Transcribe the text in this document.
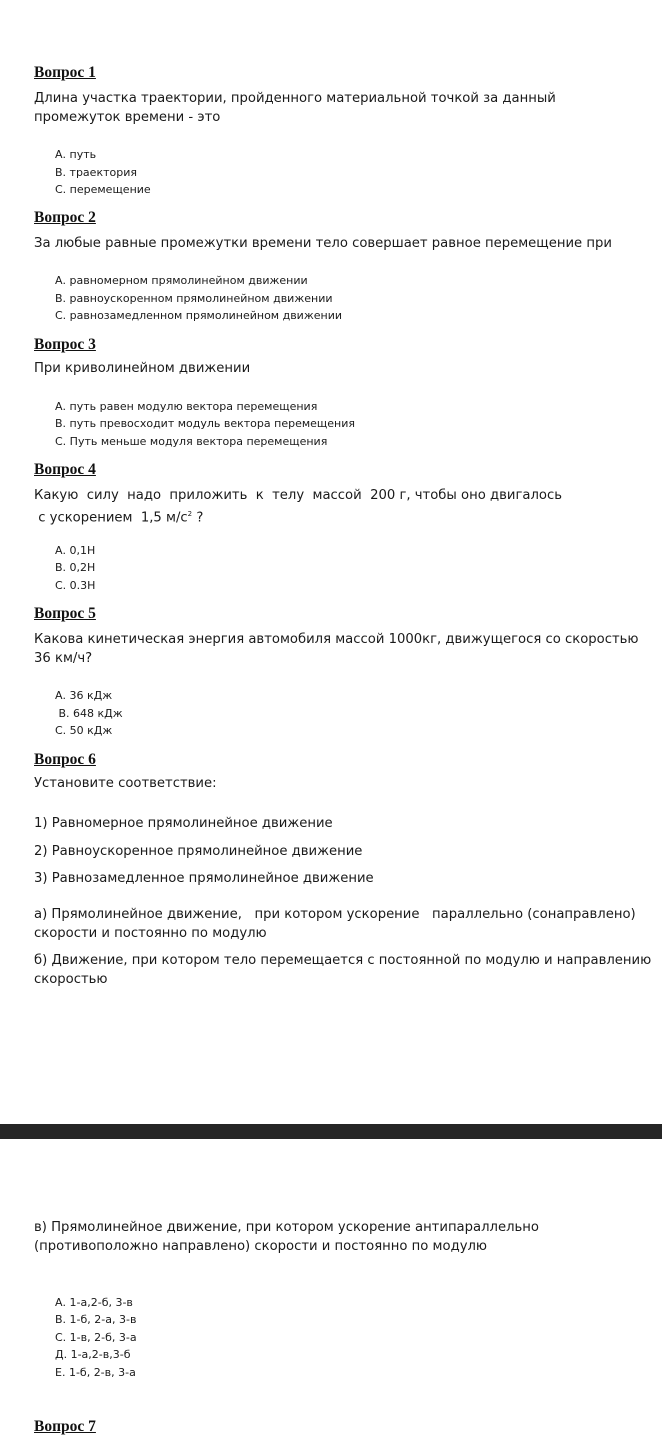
Вопрос 1
Длина участка траектории, пройденного материальной точкой за данный промежуток времени - это
А. путь
В. траектория
С. перемещение
Вопрос 2
За любые равные промежутки времени тело совершает равное перемещение при
А. равномерном прямолинейном движении
В. равноускоренном прямолинейном движении
С. равнозамедленном прямолинейном движении
Вопрос 3
При криволинейном движении
А. путь равен модулю вектора перемещения
В. путь превосходит модуль вектора перемещения
С. Путь меньше модуля вектора перемещения
Вопрос 4
Какую  силу  надо  приложить  к  телу  массой  200 г, чтобы оно двигалось
с ускорением  1,5 $м/с^2$ ?
А. 0,1Н
В. 0,2Н
С. 0.3Н
Вопрос 5
Какова кинетическая энергия автомобиля массой 1000кг, движущегося со скоростью 36 км/ч?
А. 36 кДж
В. 648 кДж
С. 50 кДж
Вопрос 6
Установите соответствие:
1) Равномерное прямолинейное движение
2) Равноускоренное прямолинейное движение
3) Равнозамедленное прямолинейное движение
а) Прямолинейное движение,   при котором ускорение   параллельно (сонаправлено) скорости и постоянно по модулю
б) Движение, при котором тело перемещается с постоянной по модулю и направлению скоростью
в) Прямолинейное движение, при котором ускорение антипараллельно (противоположно направлено) скорости и постоянно по модулю
А. 1-а,2-б, 3-в
В. 1-б, 2-а, 3-в
С. 1-в, 2-б, 3-а
Д. 1-а,2-в,3-б
Е. 1-б, 2-в, 3-а
Вопрос 7
